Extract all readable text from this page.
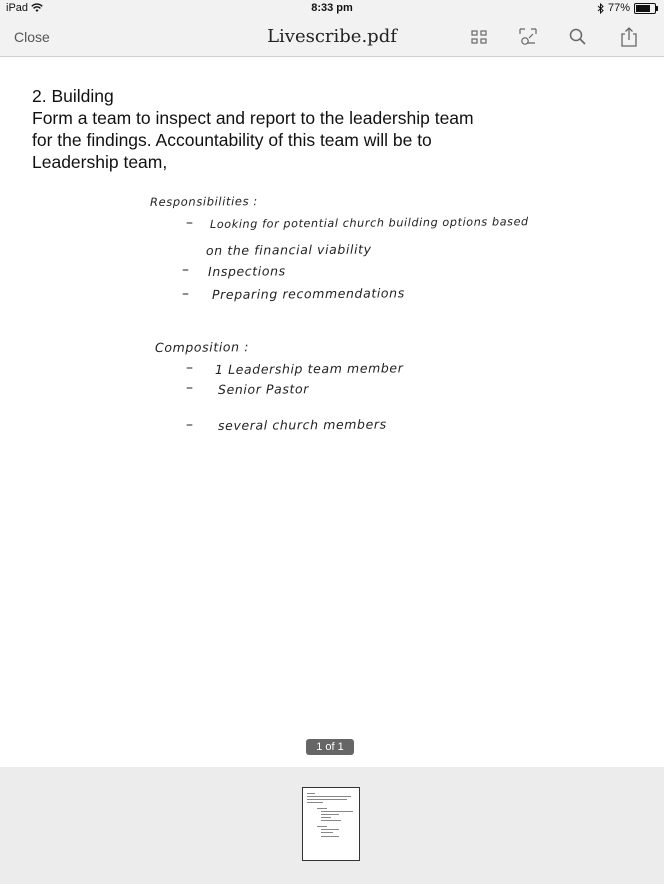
iPad	8:33 pm	77%
Close	Livescribe.pdf

2. Building

Form a team to inspect and report to the leadership team

for the findings. Accountability of this team will be to

Leadership team,

Responsibilities :
– Looking for potential church building options based
on the financial viability
– Inspections
– Preparing recommendations
Composition :
– 1 Leadership team member
– Senior Pastor
– several church members
1 of 1
